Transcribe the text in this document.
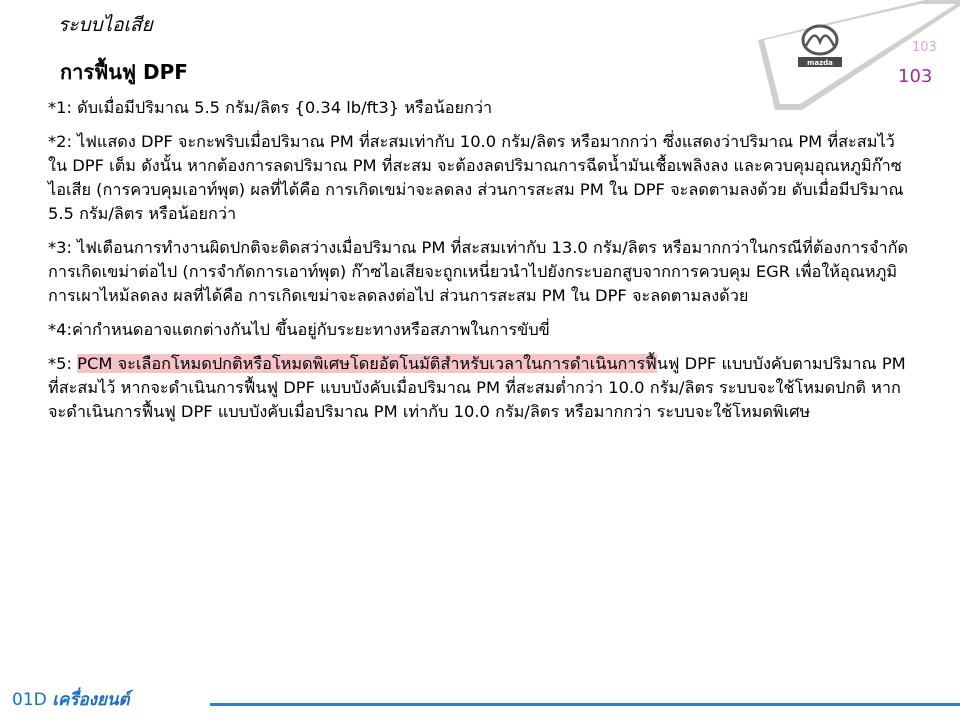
ระบบไอเสีย
mazda
103
103
การฟื้นฟู DPF

*1: ดับเมื่อมีปริมาณ 5.5 กรัม/ลิตร {0.34 lb/ft3} หรือน้อยกว่า

*2: ไฟแสดง DPF จะกะพริบเมื่อปริมาณ PM ที่สะสมเท่ากับ 10.0 กรัม/ลิตร หรือมากกว่า ซึ่งแสดงว่าปริมาณ PM ที่สะสมไว้ใน DPF เต็ม ดังนั้น หากต้องการลดปริมาณ PM ที่สะสม จะต้องลดปริมาณการฉีดน้ำมันเชื้อเพลิงลง และควบคุมอุณหภูมิก๊าซไอเสีย (การควบคุมเอาท์พุต) ผลที่ได้คือ การเกิดเขม่าจะลดลง ส่วนการสะสม PM ใน DPF จะลดตามลงด้วย ดับเมื่อมีปริมาณ 5.5 กรัม/ลิตร หรือน้อยกว่า

*3: ไฟเตือนการทำงานผิดปกติจะติดสว่างเมื่อปริมาณ PM ที่สะสมเท่ากับ 13.0 กรัม/ลิตร หรือมากกว่าในกรณีที่ต้องการจำกัดการเกิดเขม่าต่อไป (การจำกัดการเอาท์พุต) ก๊าซไอเสียจะถูกเหนี่ยวนำไปยังกระบอกสูบจากการควบคุม EGR เพื่อให้อุณหภูมิการเผาไหม้ลดลง ผลที่ได้คือ การเกิดเขม่าจะลดลงต่อไป ส่วนการสะสม PM ใน DPF จะลดตามลงด้วย

*4:ค่ากำหนดอาจแตกต่างกันไป ขึ้นอยู่กับระยะทางหรือสภาพในการขับขี่

*5: PCM จะเลือกโหมดปกติหรือโหมดพิเศษโดยอัตโนมัติสำหรับเวลาในการดำเนินการฟื้นฟู DPF แบบบังคับตามปริมาณ PM ที่สะสมไว้ หากจะดำเนินการฟื้นฟู DPF แบบบังคับเมื่อปริมาณ PM ที่สะสมต่ำกว่า 10.0 กรัม/ลิตร ระบบจะใช้โหมดปกติ หากจะดำเนินการฟื้นฟู DPF แบบบังคับเมื่อปริมาณ PM เท่ากับ 10.0 กรัม/ลิตร หรือมากกว่า ระบบจะใช้โหมดพิเศษ

01D เครื่องยนต์
